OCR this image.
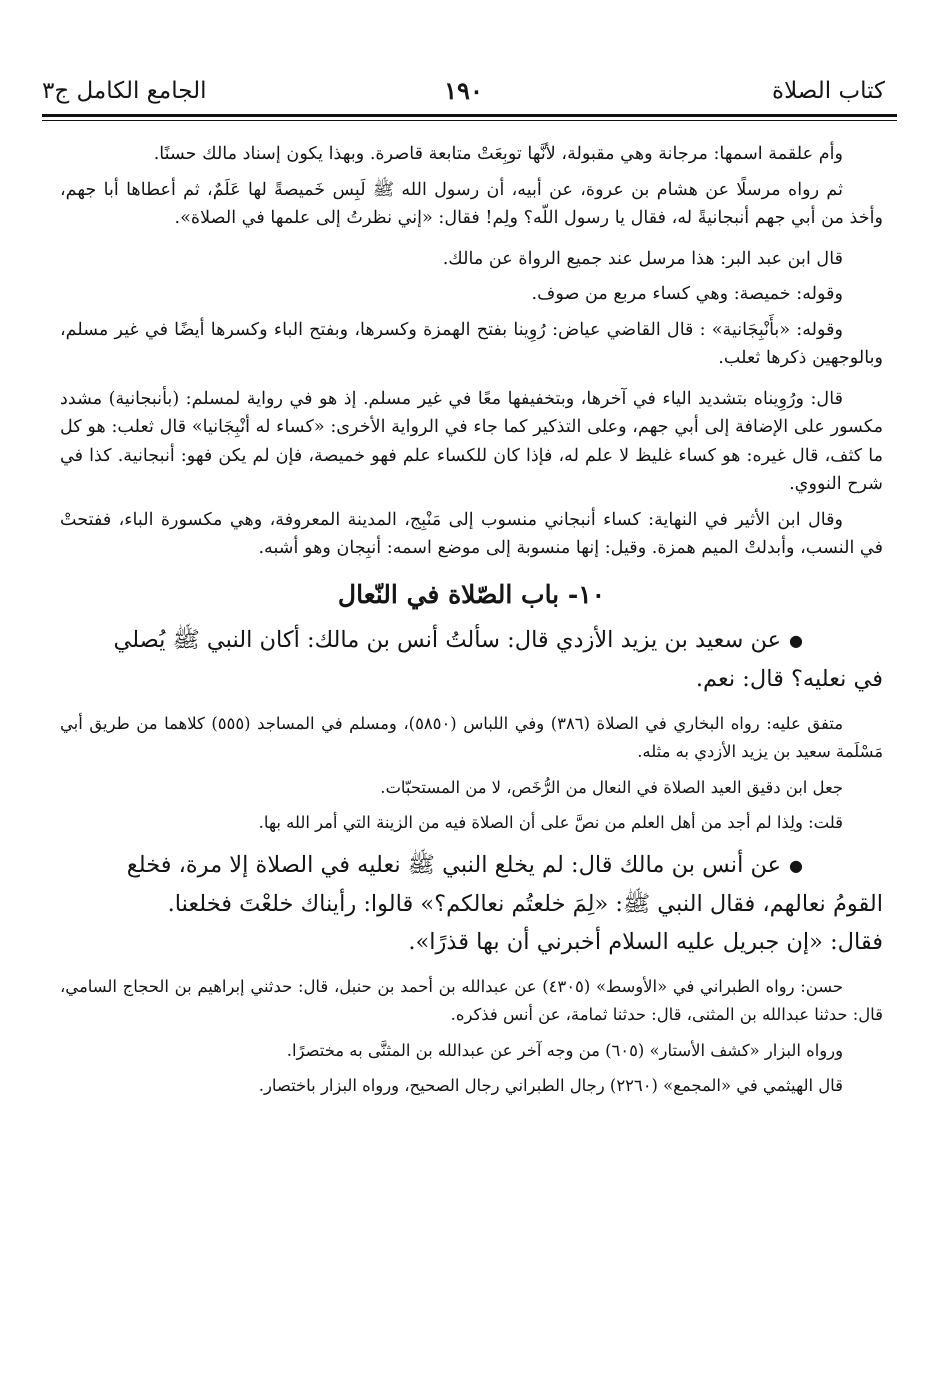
كتاب الصلاة
١٩٠
الجامع الكامل ج٣

وأم علقمة اسمها: مرجانة وهي مقبولة، لأنَّها توبِعَتْ متابعة قاصرة. وبهذا يكون إسناد مالك حسنًا.

ثم رواه مرسلًا عن هشام بن عروة، عن أبيه، أن رسول الله ﷺ لَبِس خَميصةً لها عَلَمٌ، ثم أعطاها أبا جهم، وأخذ من أبي جهم أنبجانيةً له، فقال يا رسول اللّه؟ ولِم! فقال: «إني نظرتُ إلى علمها في الصلاة».

قال ابن عبد البر: هذا مرسل عند جميع الرواة عن مالك.

وقوله: خميصة: وهي كساء مربع من صوف.

وقوله: «بأَنْبِجَانية» : قال القاضي عياض: رُوِينا بفتح الهمزة وكسرها، وبفتح الباء وكسرها أيضًا في غير مسلم، وبالوجهين ذكرها ثعلب.

قال: ورُوِيناه بتشديد الياء في آخرها، وبتخفيفها معًا في غير مسلم. إذ هو في رواية لمسلم: (بأنبجانية) مشدد مكسور على الإضافة إلى أبي جهم، وعلى التذكير كما جاء في الرواية الأخرى: «كساء له أنْبِجَانيا» قال ثعلب: هو كل ما كثف، قال غيره: هو كساء غليظ لا علم له، فإذا كان للكساء علم فهو خميصة، فإن لم يكن فهو: أنبجانية. كذا في شرح النووي.

وقال ابن الأثير في النهاية: كساء أنبجاني منسوب إلى مَنْبِج، المدينة المعروفة، وهي مكسورة الباء، ففتحتْ في النسب، وأبدلتْ الميم همزة. وقيل: إنها منسوبة إلى موضع اسمه: أنبِجان وهو أشبه.

١٠- باب الصّلاة في النّعال

●عن سعيد بن يزيد الأزدي قال: سألتُ أنس بن مالك: أكان النبي ﷺ يُصلي

في نعليه؟ قال: نعم.

متفق عليه: رواه البخاري في الصلاة (٣٨٦) وفي اللباس (٥٨٥٠)، ومسلم في المساجد (٥٥٥) كلاهما من طريق أبي مَسْلَمة سعيد بن يزيد الأزدي به مثله.

جعل ابن دقيق العيد الصلاة في النعال من الرُّخَص، لا من المستحبّات.

قلت: ولِذا لم أجد من أهل العلم من نصَّ على أن الصلاة فيه من الزينة التي أمر الله بها.

●عن أنس بن مالك قال: لم يخلع النبي ﷺ نعليه في الصلاة إلا مرة، فخلع

القومُ نعالهم، فقال النبي ﷺ: «لِمَ خلعتُم نعالكم؟» قالوا: رأيناك خلعْتَ فخلعنا.

فقال: «إن جبريل عليه السلام أخبرني أن بها قذرًا».

حسن: رواه الطبراني في «الأوسط» (٤٣٠٥) عن عبدالله بن أحمد بن حنبل، قال: حدثني إبراهيم بن الحجاج السامي، قال: حدثنا عبدالله بن المثنى، قال: حدثنا ثمامة، عن أنس فذكره.

ورواه البزار «كشف الأستار» (٦٠٥) من وجه آخر عن عبدالله بن المثنَّى به مختصرًا.

قال الهيثمي في «المجمع» (٢٢٦٠) رجال الطبراني رجال الصحيح، ورواه البزار باختصار.
